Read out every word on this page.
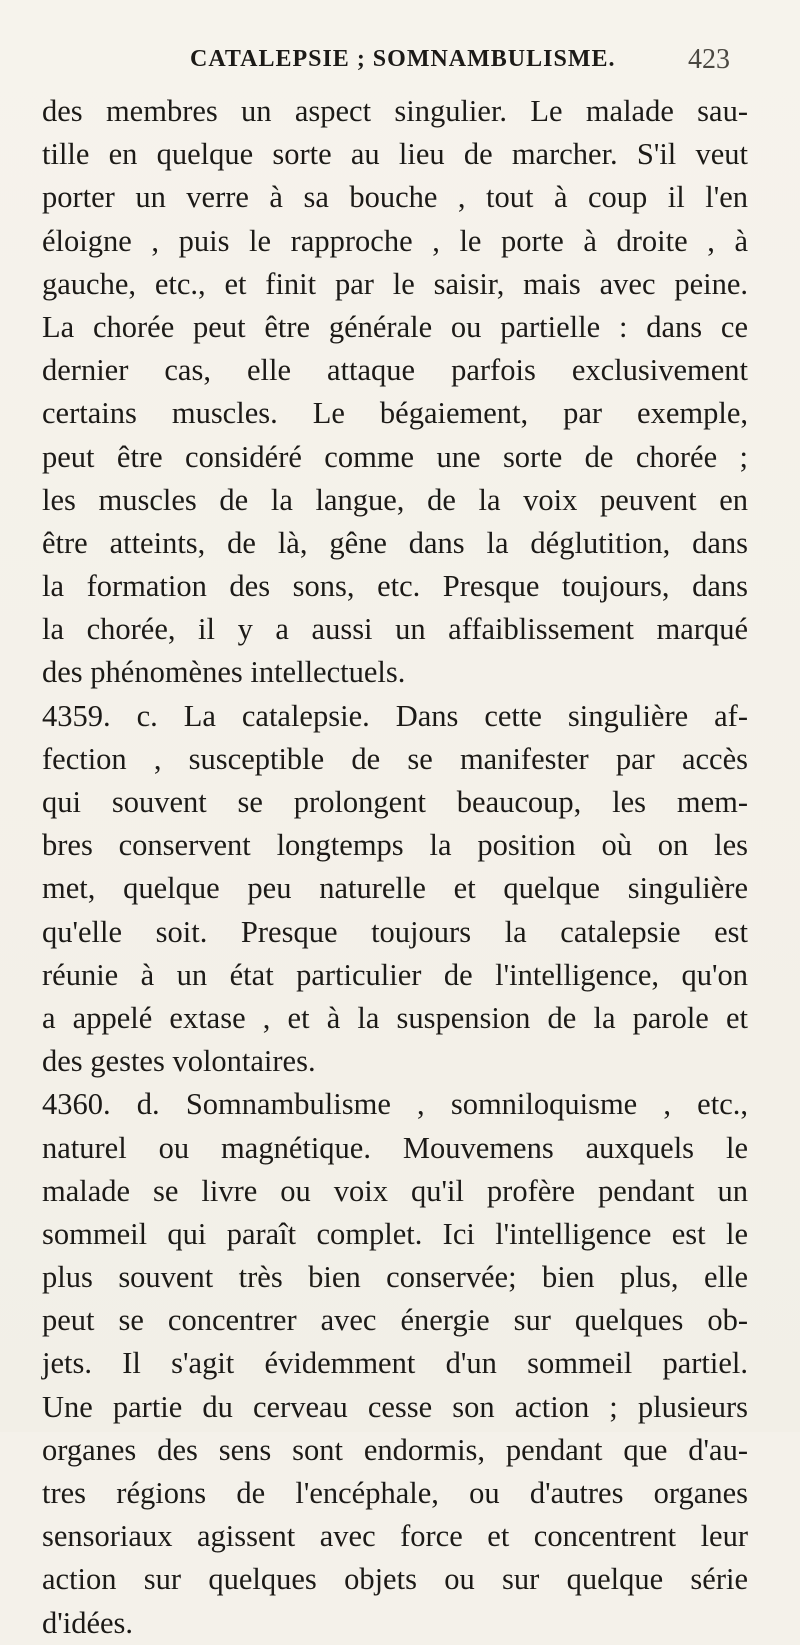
CATALEPSIE ; SOMNAMBULISME.	423
des membres un aspect singulier. Le malade sau-
tille en quelque sorte au lieu de marcher. S'il veut
porter un verre à sa bouche , tout à coup il l'en
éloigne , puis le rapproche , le porte à droite , à
gauche, etc., et finit par le saisir, mais avec peine.
La chorée peut être générale ou partielle : dans ce
dernier cas, elle attaque parfois exclusivement
certains muscles. Le bégaiement, par exemple,
peut être considéré comme une sorte de chorée ;
les muscles de la langue, de la voix peuvent en
être atteints, de là, gêne dans la déglutition, dans
la formation des sons, etc. Presque toujours, dans
la chorée, il y a aussi un affaiblissement marqué
des phénomènes intellectuels.
4359. c. La catalepsie. Dans cette singulière af-
fection , susceptible de se manifester par accès
qui souvent se prolongent beaucoup, les mem-
bres conservent longtemps la position où on les
met, quelque peu naturelle et quelque singulière
qu'elle soit. Presque toujours la catalepsie est
réunie à un état particulier de l'intelligence, qu'on
a appelé extase , et à la suspension de la parole et
des gestes volontaires.
4360. d. Somnambulisme , somniloquisme , etc.,
naturel ou magnétique. Mouvemens auxquels le
malade se livre ou voix qu'il profère pendant un
sommeil qui paraît complet. Ici l'intelligence est le
plus souvent très bien conservée; bien plus, elle
peut se concentrer avec énergie sur quelques ob-
jets. Il s'agit évidemment d'un sommeil partiel.
Une partie du cerveau cesse son action ; plusieurs
organes des sens sont endormis, pendant que d'au-
tres régions de l'encéphale, ou d'autres organes
sensoriaux agissent avec force et concentrent leur
action sur quelques objets ou sur quelque série
d'idées.
